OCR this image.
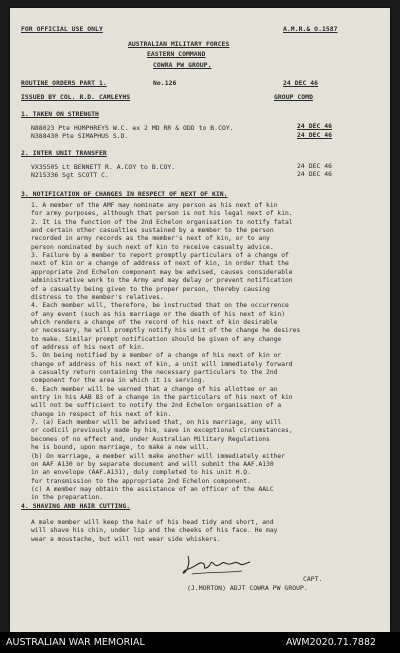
FOR OFFICIAL USE ONLY	A.M.R.& O.1587
AUSTRALIAN MILITARY FORCES
EASTERN COMMAND
COWRA PW GROUP.
ROUTINE ORDERS PART 1.	No.126	24 DEC 46
ISSUED BY COL. R.D. CAMLEYHS	GROUP COMD
1. TAKEN ON STRENGTH
N88023 Pte HUMPHREYS W.C. ex 2 MD RR & ODD to B.COY.	24 DEC 46
N388430 Pte SIMAPHUS S.D.	24 DEC 46
2. INTER UNIT TRANSFER
VX35505 Lt BENNETT R. A.COY to B.COY.	24 DEC 46
N215336 Sgt SCOTT C.	24 DEC 46
3. NOTIFICATION OF CHANGES IN RESPECT OF NEXT OF KIN.
1. A member of the AMF may nominate any person as his next of kin
for army purposes, although that person is not his legal next of kin.
2. It is the function of the 2nd Echelon organisation to notify fatal
and certain other casualties sustained by a member to the person
recorded in army records as the member's next of kin, or to any
person nominated by such next of kin to receive casualty advice.
3. Failure by a member to report promptly particulars of a change of
next of kin or a change of address of next of kin, in order that the
appropriate 2nd Echelon component may be advised, causes considerable
administrative work to the Army and may delay or prevent notification
of a casualty being given to the proper person, thereby causing
distress to the member's relatives.
4. Each member will, therefore, be instructed that on the occurrence
of any event (such as his marriage or the death of his next of kin)
which renders a change of the record of his next of kin desirable
or necessary, he will promptly notify his unit of the change he desires
to make. Similar prompt notification should be given of any change
of address of his next of kin.
5. On being notified by a member of a change of his next of kin or
change of address of his next of kin, a unit will immediately forward
a casualty return containing the necessary particulars to the 2nd
component for the area in which it is serving.
6. Each member will be warned that a change of his allottee or an
entry in his AAB 83 of a change in the particulars of his next of kin
will not be sufficient to notify the 2nd Echelon organisation of a
change in respect of his next of kin.
7. (a) Each member will be advised that, on his marriage, any will
or codicil previously made by him, save in exceptional circumstances,
becomes of no effect and, under Australian Military Regulations
he is bound, upon marriage, to make a new will.
(b) On marriage, a member will make another will immediately either
on AAF A130 or by separate document and will submit the AAF.A130
in an envelope (AAF.A131), duly completed to his unit H.Q.
for transmission to the appropriate 2nd Echelon component.
(c) A member may obtain the assistance of an officer of the AALC
in the preparation.
4. SHAVING AND HAIR CUTTING.
A male member will keep the hair of his head tidy and short, and
will shave his chin, under lip and the cheeks of his face. He may
wear a moustache, but will not wear side whiskers.
CAPT.
(J.MORTON) ADJT COWRA PW GROUP.
AUSTRALIAN WAR MEMORIAL	AWM2020.71.7882
